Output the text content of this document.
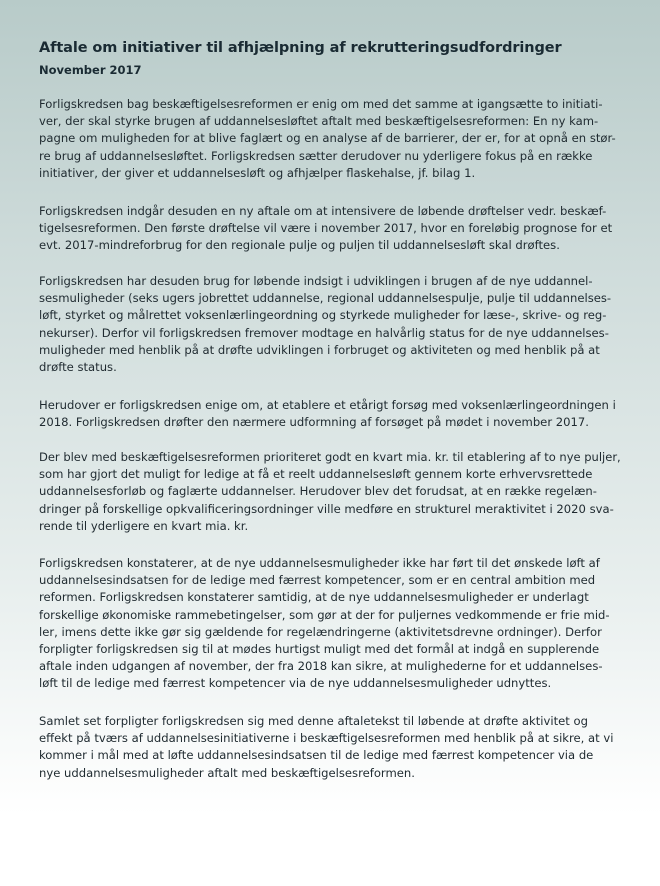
Aftale om initiativer til afhjælpning af rekrutteringsudfordringer
November 2017

Forligskredsen bag beskæftigelsesreformen er enig om med det samme at igangsætte to initiati-
ver, der skal styrke brugen af uddannelsesløftet aftalt med beskæftigelsesreformen: En ny kam-
pagne om muligheden for at blive faglært og en analyse af de barrierer, der er, for at opnå en stør-
re brug af uddannelsesløftet. Forligskredsen sætter derudover nu yderligere fokus på en række
initiativer, der giver et uddannelsesløft og afhjælper flaskehalse, jf. bilag 1.

Forligskredsen indgår desuden en ny aftale om at intensivere de løbende drøftelser vedr. beskæf-
tigelsesreformen. Den første drøftelse vil være i november 2017, hvor en foreløbig prognose for et
evt. 2017-mindreforbrug for den regionale pulje og puljen til uddannelsesløft skal drøftes.

Forligskredsen har desuden brug for løbende indsigt i udviklingen i brugen af de nye uddannel-
sesmuligheder (seks ugers jobrettet uddannelse, regional uddannelsespulje, pulje til uddannelses-
løft, styrket og målrettet voksenlærlingeordning og styrkede muligheder for læse-, skrive- og reg-
nekurser). Derfor vil forligskredsen fremover modtage en halvårlig status for de nye uddannelses-
muligheder med henblik på at drøfte udviklingen i forbruget og aktiviteten og med henblik på at
drøfte status.

Herudover er forligskredsen enige om, at etablere et etårigt forsøg med voksenlærlingeordningen i
2018. Forligskredsen drøfter den nærmere udformning af forsøget på mødet i november 2017.

Der blev med beskæftigelsesreformen prioriteret godt en kvart mia. kr. til etablering af to nye puljer,
som har gjort det muligt for ledige at få et reelt uddannelsesløft gennem korte erhvervsrettede
uddannelsesforløb og faglærte uddannelser. Herudover blev det forudsat, at en række regelæn-
dringer på forskellige opkvalificeringsordninger ville medføre en strukturel meraktivitet i 2020 sva-
rende til yderligere en kvart mia. kr.

Forligskredsen konstaterer, at de nye uddannelsesmuligheder ikke har ført til det ønskede løft af
uddannelsesindsatsen for de ledige med færrest kompetencer, som er en central ambition med
reformen. Forligskredsen konstaterer samtidig, at de nye uddannelsesmuligheder er underlagt
forskellige økonomiske rammebetingelser, som gør at der for puljernes vedkommende er frie mid-
ler, imens dette ikke gør sig gældende for regelændringerne (aktivitetsdrevne ordninger). Derfor
forpligter forligskredsen sig til at mødes hurtigst muligt med det formål at indgå en supplerende
aftale inden udgangen af november, der fra 2018 kan sikre, at mulighederne for et uddannelses-
løft til de ledige med færrest kompetencer via de nye uddannelsesmuligheder udnyttes.

Samlet set forpligter forligskredsen sig med denne aftaletekst til løbende at drøfte aktivitet og
effekt på tværs af uddannelsesinitiativerne i beskæftigelsesreformen med henblik på at sikre, at vi
kommer i mål med at løfte uddannelsesindsatsen til de ledige med færrest kompetencer via de
nye uddannelsesmuligheder aftalt med beskæftigelsesreformen.
